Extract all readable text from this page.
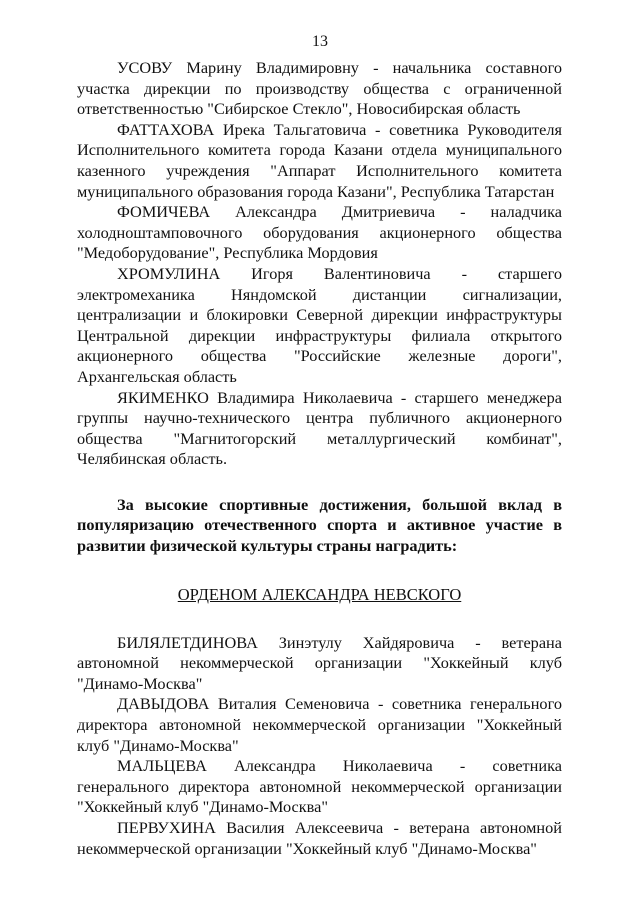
13

УСОВУ Марину Владимировну - начальника составного участка дирекции по производству общества с ограниченной ответственностью "Сибирское Стекло", Новосибирская область

ФАТТАХОВА Ирека Тальгатовича - советника Руководителя Исполнительного комитета города Казани отдела муниципального казенного учреждения "Аппарат Исполнительного комитета муниципального образования города Казани", Республика Татарстан

ФОМИЧЕВА Александра Дмитриевича - наладчика холодноштамповочного оборудования акционерного общества "Медоборудование", Республика Мордовия

ХРОМУЛИНА Игоря Валентиновича - старшего электромеханика Няндомской дистанции сигнализации, централизации и блокировки Северной дирекции инфраструктуры Центральной дирекции инфраструктуры филиала открытого акционерного общества "Российские железные дороги", Архангельская область

ЯКИМЕНКО Владимира Николаевича - старшего менеджера группы научно-технического центра публичного акционерного общества "Магнитогорский металлургический комбинат", Челябинская область.

За высокие спортивные достижения, большой вклад в популяризацию отечественного спорта и активное участие в развитии физической культуры страны наградить:

ОРДЕНОМ АЛЕКСАНДРА НЕВСКОГО

БИЛЯЛЕТДИНОВА Зинэтулу Хайдяровича - ветерана автономной некоммерческой организации "Хоккейный клуб "Динамо-Москва"

ДАВЫДОВА Виталия Семеновича - советника генерального директора автономной некоммерческой организации "Хоккейный клуб "Динамо-Москва"

МАЛЬЦЕВА Александра Николаевича - советника генерального директора автономной некоммерческой организации "Хоккейный клуб "Динамо-Москва"

ПЕРВУХИНА Василия Алексеевича - ветерана автономной некоммерческой организации "Хоккейный клуб "Динамо-Москва"
